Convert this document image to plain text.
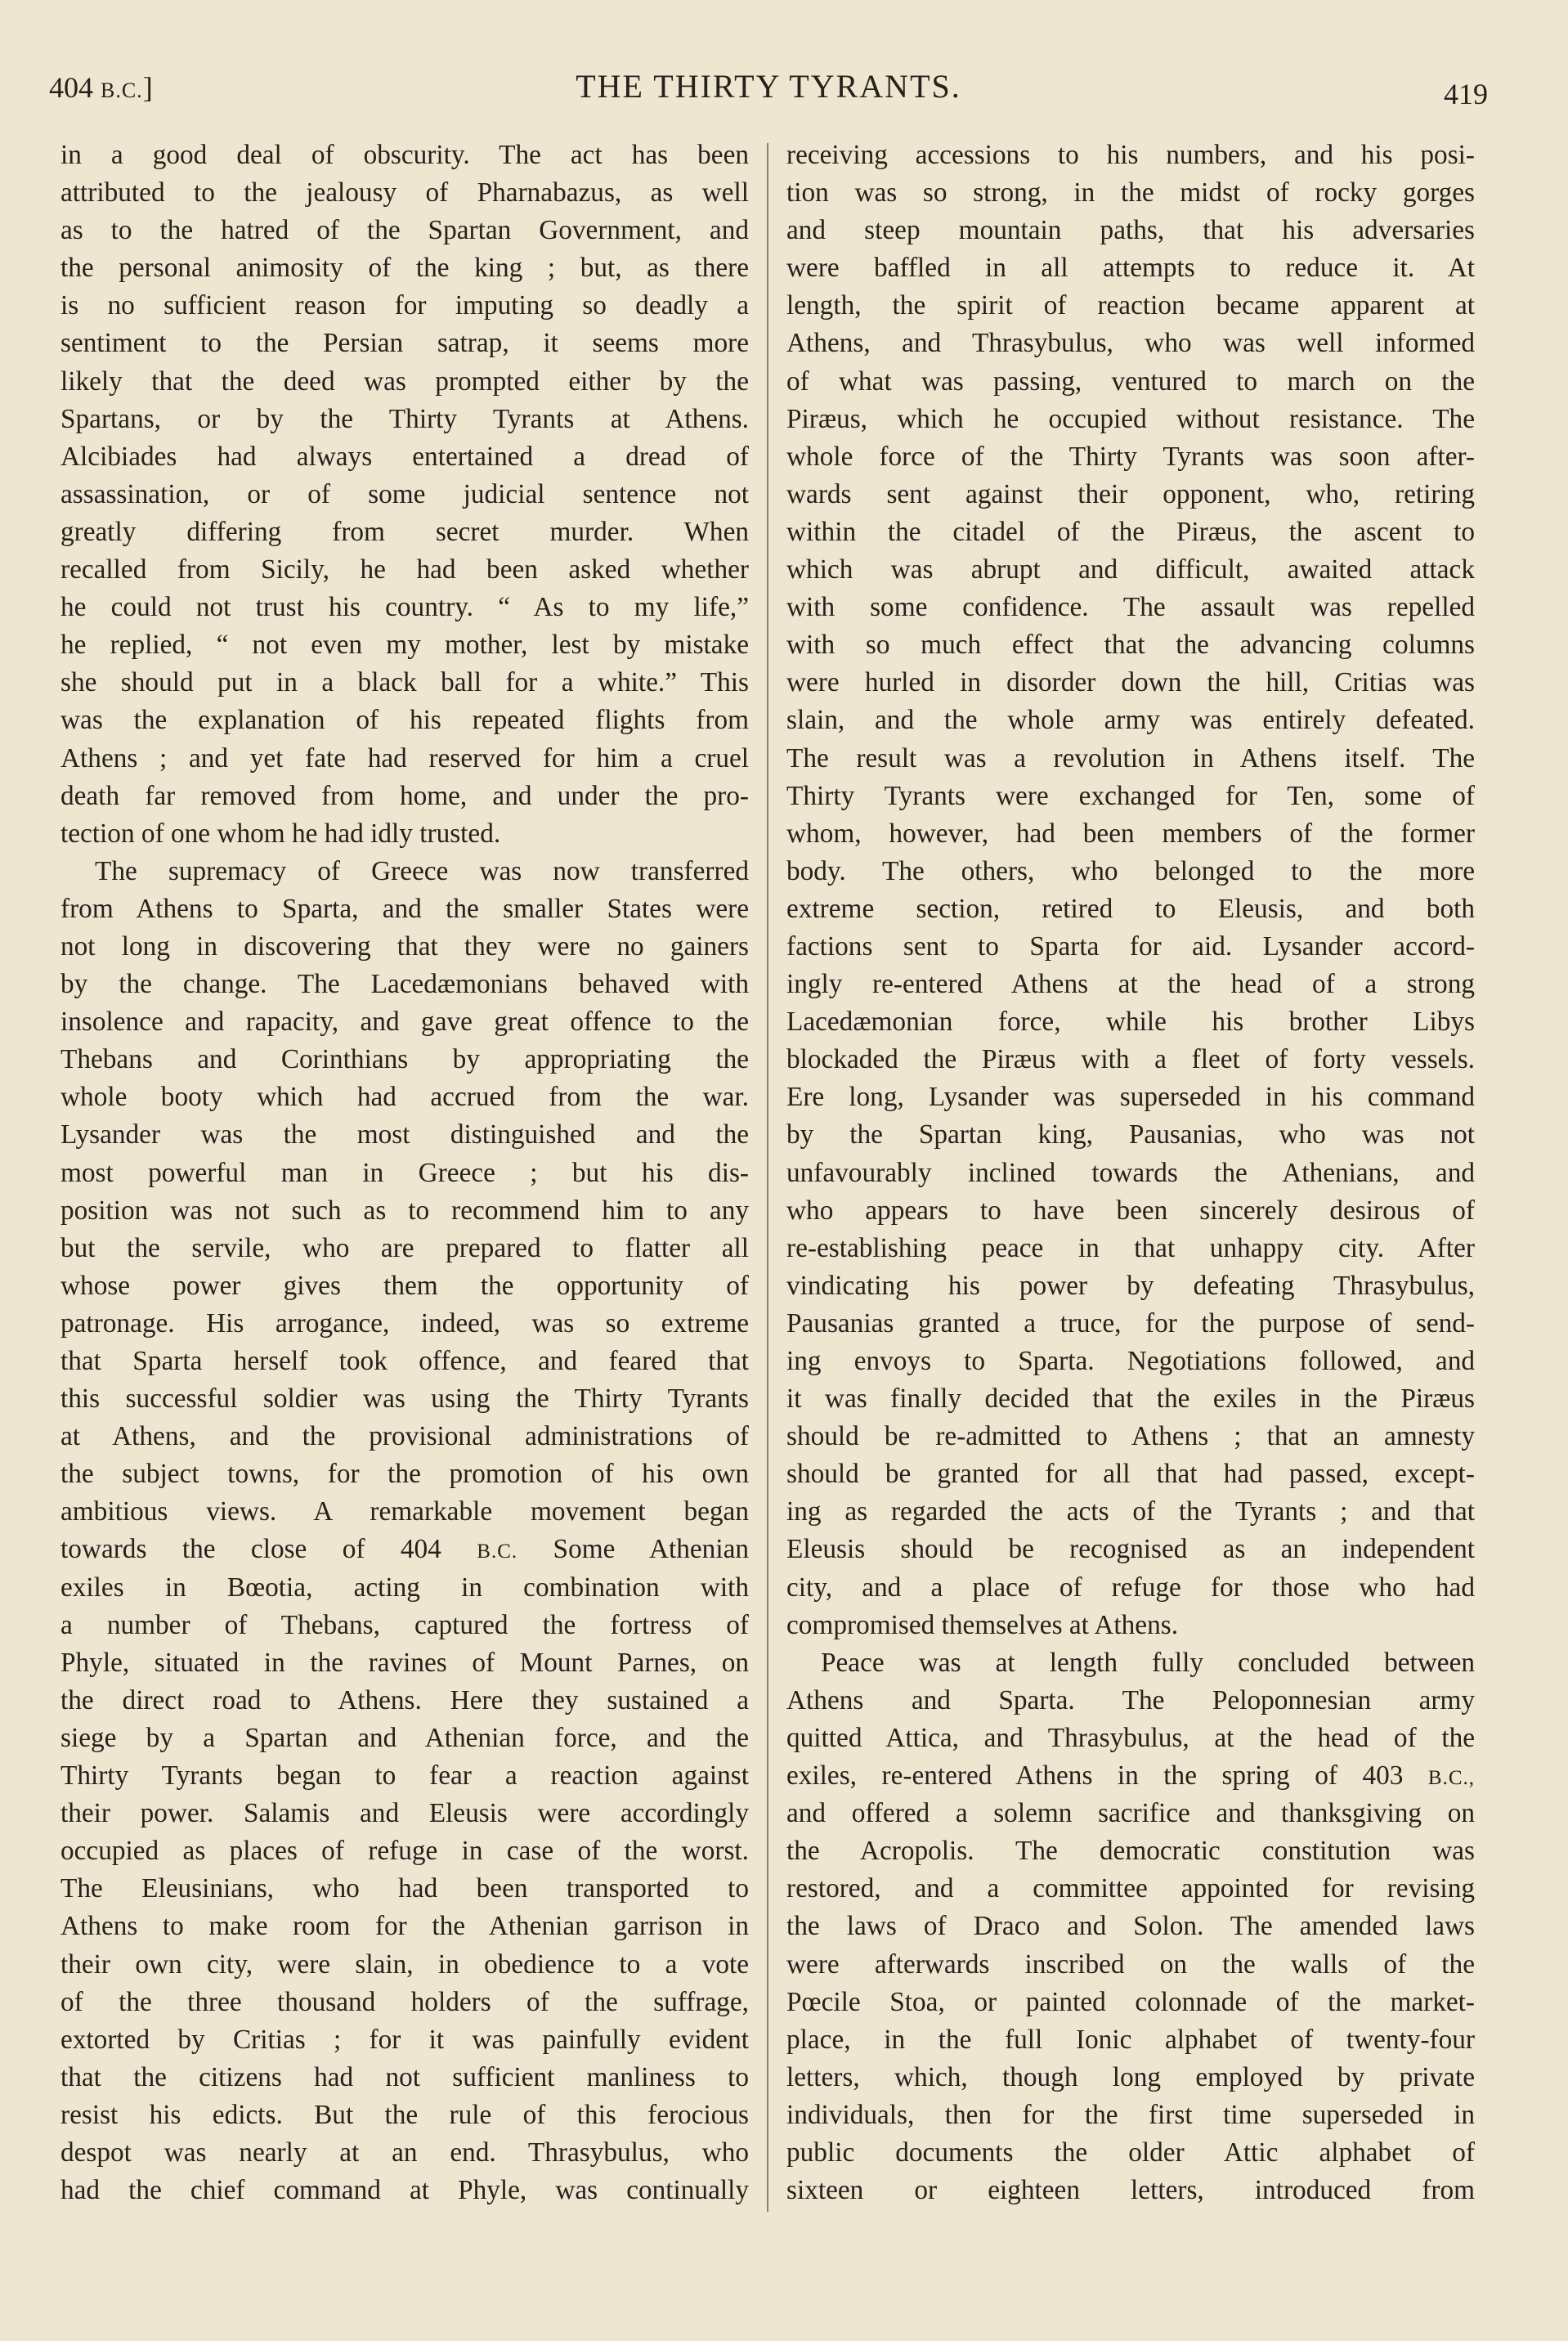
404 B.C.]	THE THIRTY TYRANTS.	419
in a good deal of obscurity. The act has been
attributed to the jealousy of Pharnabazus, as well
as to the hatred of the Spartan Government, and
the personal animosity of the king ; but, as there
is no sufficient reason for imputing so deadly a
sentiment to the Persian satrap, it seems more
likely that the deed was prompted either by the
Spartans, or by the Thirty Tyrants at Athens.
Alcibiades had always entertained a dread of
assassination, or of some judicial sentence not
greatly differing from secret murder. When
recalled from Sicily, he had been asked whether
he could not trust his country. “ As to my life,”
he replied, “ not even my mother, lest by mistake
she should put in a black ball for a white.” This
was the explanation of his repeated flights from
Athens ; and yet fate had reserved for him a cruel
death far removed from home, and under the pro-
tection of one whom he had idly trusted.
The supremacy of Greece was now transferred
from Athens to Sparta, and the smaller States were
not long in discovering that they were no gainers
by the change. The Lacedæmonians behaved with
insolence and rapacity, and gave great offence to the
Thebans and Corinthians by appropriating the
whole booty which had accrued from the war.
Lysander was the most distinguished and the
most powerful man in Greece ; but his dis-
position was not such as to recommend him to any
but the servile, who are prepared to flatter all
whose power gives them the opportunity of
patronage. His arrogance, indeed, was so extreme
that Sparta herself took offence, and feared that
this successful soldier was using the Thirty Tyrants
at Athens, and the provisional administrations of
the subject towns, for the promotion of his own
ambitious views. A remarkable movement began
towards the close of 404 B.C. Some Athenian
exiles in Bœotia, acting in combination with
a number of Thebans, captured the fortress of
Phyle, situated in the ravines of Mount Parnes, on
the direct road to Athens. Here they sustained a
siege by a Spartan and Athenian force, and the
Thirty Tyrants began to fear a reaction against
their power. Salamis and Eleusis were accordingly
occupied as places of refuge in case of the worst.
The Eleusinians, who had been transported to
Athens to make room for the Athenian garrison in
their own city, were slain, in obedience to a vote
of the three thousand holders of the suffrage,
extorted by Critias ; for it was painfully evident
that the citizens had not sufficient manliness to
resist his edicts. But the rule of this ferocious
despot was nearly at an end. Thrasybulus, who
had the chief command at Phyle, was continually
receiving accessions to his numbers, and his posi-
tion was so strong, in the midst of rocky gorges
and steep mountain paths, that his adversaries
were baffled in all attempts to reduce it. At
length, the spirit of reaction became apparent at
Athens, and Thrasybulus, who was well informed
of what was passing, ventured to march on the
Piræus, which he occupied without resistance. The
whole force of the Thirty Tyrants was soon after-
wards sent against their opponent, who, retiring
within the citadel of the Piræus, the ascent to
which was abrupt and difficult, awaited attack
with some confidence. The assault was repelled
with so much effect that the advancing columns
were hurled in disorder down the hill, Critias was
slain, and the whole army was entirely defeated.
The result was a revolution in Athens itself. The
Thirty Tyrants were exchanged for Ten, some of
whom, however, had been members of the former
body. The others, who belonged to the more
extreme section, retired to Eleusis, and both
factions sent to Sparta for aid. Lysander accord-
ingly re-entered Athens at the head of a strong
Lacedæmonian force, while his brother Libys
blockaded the Piræus with a fleet of forty vessels.
Ere long, Lysander was superseded in his command
by the Spartan king, Pausanias, who was not
unfavourably inclined towards the Athenians, and
who appears to have been sincerely desirous of
re-establishing peace in that unhappy city. After
vindicating his power by defeating Thrasybulus,
Pausanias granted a truce, for the purpose of send-
ing envoys to Sparta. Negotiations followed, and
it was finally decided that the exiles in the Piræus
should be re-admitted to Athens ; that an amnesty
should be granted for all that had passed, except-
ing as regarded the acts of the Tyrants ; and that
Eleusis should be recognised as an independent
city, and a place of refuge for those who had
compromised themselves at Athens.
Peace was at length fully concluded between
Athens and Sparta. The Peloponnesian army
quitted Attica, and Thrasybulus, at the head of the
exiles, re-entered Athens in the spring of 403 B.C.,
and offered a solemn sacrifice and thanksgiving on
the Acropolis. The democratic constitution was
restored, and a committee appointed for revising
the laws of Draco and Solon. The amended laws
were afterwards inscribed on the walls of the
Pœcile Stoa, or painted colonnade of the market-
place, in the full Ionic alphabet of twenty-four
letters, which, though long employed by private
individuals, then for the first time superseded in
public documents the older Attic alphabet of
sixteen or eighteen letters, introduced from
